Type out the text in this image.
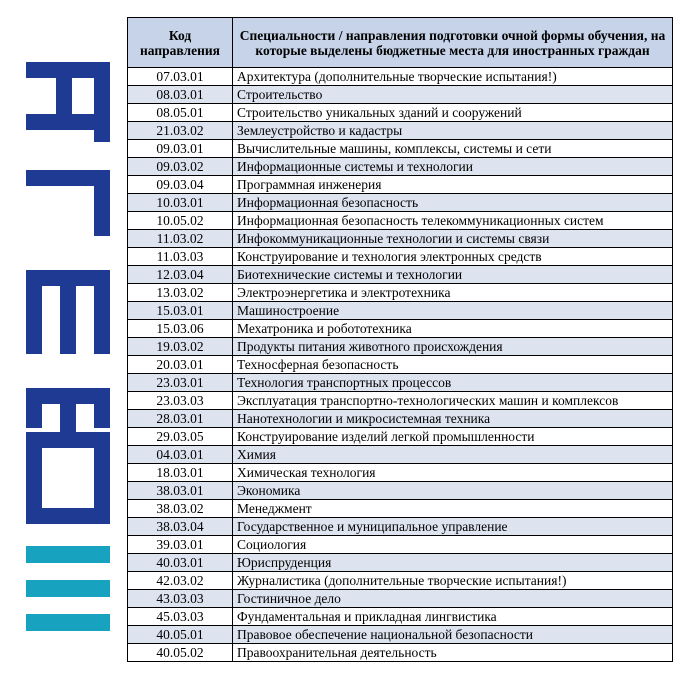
Код направления	Специальности / направления подготовки очной формы обучения, на которые выделены бюджетные места для иностранных граждан
07.03.01	Архитектура (дополнительные творческие испытания!)
08.03.01	Строительство
08.05.01	Строительство уникальных зданий и сооружений
21.03.02	Землеустройство и кадастры
09.03.01	Вычислительные машины, комплексы, системы и сети
09.03.02	Информационные системы и технологии
09.03.04	Программная инженерия
10.03.01	Информационная безопасность
10.05.02	Информационная безопасность телекоммуникационных систем
11.03.02	Инфокоммуникационные технологии и системы связи
11.03.03	Конструирование и технология электронных средств
12.03.04	Биотехнические системы и технологии
13.03.02	Электроэнергетика и электротехника
15.03.01	Машиностроение
15.03.06	Мехатроника и робототехника
19.03.02	Продукты питания животного происхождения
20.03.01	Техносферная безопасность
23.03.01	Технология транспортных процессов
23.03.03	Эксплуатация транспортно-технологических машин и комплексов
28.03.01	Нанотехнологии и микросистемная техника
29.03.05	Конструирование изделий легкой промышленности
04.03.01	Химия
18.03.01	Химическая технология
38.03.01	Экономика
38.03.02	Менеджмент
38.03.04	Государственное и муниципальное управление
39.03.01	Социология
40.03.01	Юриспруденция
42.03.02	Журналистика (дополнительные творческие испытания!)
43.03.03	Гостиничное дело
45.03.03	Фундаментальная и прикладная лингвистика
40.05.01	Правовое обеспечение национальной безопасности
40.05.02	Правоохранительная деятельность
